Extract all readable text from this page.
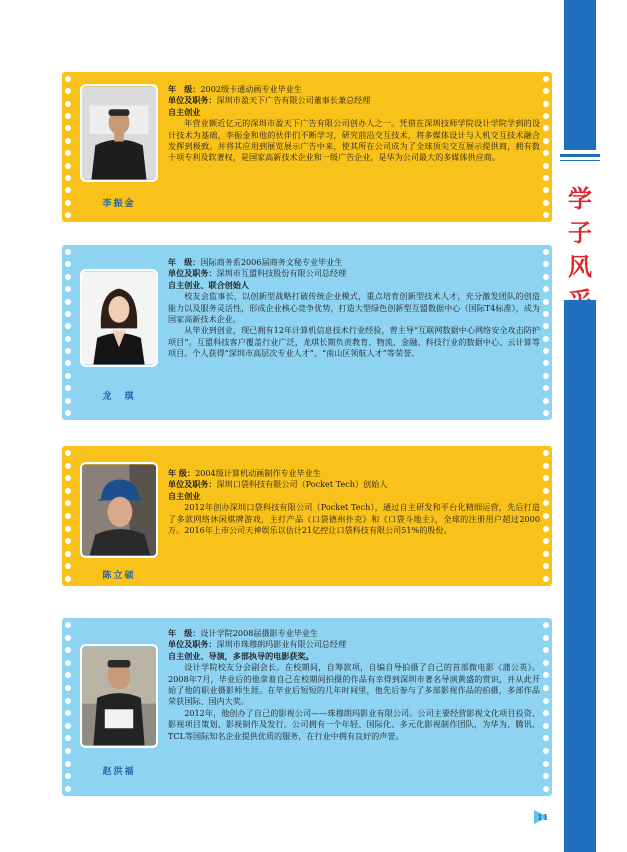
学
子
风
李振金
年　级：2002级卡通动画专业毕业生
单位及职务：深圳市盈天下广告有限公司董事长兼总经理
自主创业

年营业额近亿元的深圳市盈天下广告有限公司创办人之一。凭借在深圳技师学院设计学院学到的设计技术为基础，李振金和他的伙伴们不断学习，研究前沿交互技术，将多媒体设计与人机交互技术融合发挥到极致。并将其应用到展览展示广告中来，使其所在公司成为了全球顶尖交互展示提供商，拥有数十项专利及软著权，是国家高新技术企业和一级广告企业，是华为公司最大的多媒体供应商。

龙　琪
年　级：国际商务系2006届商务文秘专业毕业生
单位及职务：深圳市互盟科技股份有限公司总经理
自主创业、联合创始人

校友会监事长，以创新型战略打破传统企业模式，重点培育创新型技术人才，充分激发团队的创造能力以及服务灵活性，形成企业核心竞争优势，打造大型绿色创新型互盟数据中心（国际T4标准），成为国家高新技术企业。

从毕业到创业，现已拥有12年计算机信息技术行业经验，曾主导“互联网数据中心网络安全攻击防护项目”。互盟科技客户覆盖行业广泛，龙琪长期负责教育、物流、金融、科技行业的数据中心、云计算等项目。个人获得“深圳市高层次专业人才”、“南山区领航人才”等荣誉。

陈立硕
年 级：2004级计算机动画制作专业毕业生
单位及职务：深圳口袋科技有限公司（Pocket Tech）创始人
自主创业

2012年创办深圳口袋科技有限公司（Pocket Tech），通过自主研发和平台化精细运营，先后打造了多款网络休闲棋牌游戏，主打产品《口袋德州扑克》和《口袋斗地主》，全球的注册用户超过2000万。2016年上市公司天神娱乐以估计21亿控让口袋科技有限公司51%的股份。

赵洪福
年　级：设计学院2008届摄影专业毕业生
单位及职务：深圳市珠穆朗玛影业有限公司总经理
自主创业、导演，多部执导的电影获奖。

设计学院校友分会副会长。在校期间，自筹款项，自编自导拍摄了自己的首部微电影《蒲公英》。2008年7月，毕业后的他拿着自己在校期间拍摄的作品有幸得到深圳市著名导演黄盛的赏识，并从此开始了他的职业摄影师生涯。在毕业后短短的几年时间里，他先后参与了多部影视作品的拍摄，多部作品荣获国际、国内大奖。

2012年，他创办了自己的影视公司——珠穆朗玛影业有限公司。公司主要经营影视文化项目投资、影视项目策划、影视制作及发行。公司拥有一个年轻、国际化、多元化影视制作团队，为华为、腾讯、TCL等国际知名企业提供优质的服务，在行业中拥有良好的声誉。

11
